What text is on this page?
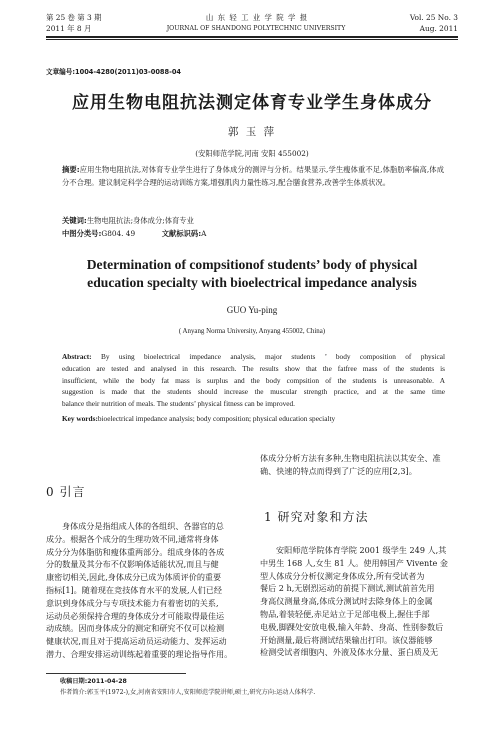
第 25 卷 第 3 期
2011 年 8 月
山 东 轻 工 业 学 院 学 报
JOURNAL OF SHANDONG POLYTECHNIC UNIVERSITY
Vol. 25 No. 3
Aug. 2011
文章编号:1004-4280(2011)03-0088-04
应用生物电阻抗法测定体育专业学生身体成分
郭 玉 萍
(安阳师范学院,河南 安阳 455002)
摘要:应用生物电阻抗法,对体育专业学生进行了身体成分的测评与分析。结果显示,学生瘦体重不足,体脂肪率偏高,体成分不合理。建议制定科学合理的运动训练方案,增强肌肉力量性练习,配合膳食营养,改善学生体质状况。
关键词:生物电阻抗法;身体成分;体育专业
中图分类号:G804. 49	文献标识码:A
Determination of compsitionof students’ body of physical
education specialty with bioelectrical impedance analysis
GUO Yu-ping
( Anyang Norma University, Anyang 455002, China)
Abstract: By using bioelectrical impedance analysis, major students ’ body composition of physical
education are tested and analysed in this research. The results show that the fatfree mass of the students is
insufficient, while the body fat mass is surplus and the body compsition of the students is unreasonable. A
suggestion is made that the students should increase the muscular strength practice, and at the same time
balance their nutrition of meals. The students’ physical fitness can be improved.
Key words:bioelectrical impedance analysis; body composition; physical education specialty
0 引言
身体成分是指组成人体的各组织、各器官的总
成分。根据各个成分的生理功效不同,通常将身体
成分分为体脂肪和瘦体重两部分。组成身体的各成
分的数量及其分布不仅影响体适能状况,而且与健
康密切相关,因此,身体成分已成为体质评价的重要
指标[1]。随着现在竞技体育水平的发展,人们已经
意识到身体成分与专项技术能力有着密切的关系,
运动员必须保持合理的身体成分才可能取得最佳运
动成绩。因而身体成分的测定和研究不仅可以检测
健康状况,而且对于提高运动员运动能力、发挥运动
潜力、合理安排运动训练起着重要的理论指导作用。
体成分分析方法有多种,生物电阻抗法以其安全、准
确、快速的特点而得到了广泛的应用[2,3]。
1 研究对象和方法
安阳师范学院体育学院 2001 级学生 249 人,其
中男生 168 人,女生 81 人。使用韩国产 Vivente 金
型人体成分分析仪测定身体成分,所有受试者为
餐后 2 h,无剧烈运动的前提下测试,测试前首先用
身高仪测量身高,体成分测试时去除身体上的金属
物品,着装轻便,赤足站立于足部电极上,握住手部
电极,脚踝处安放电极,输入年龄、身高、性别参数后
开始测量,最后将测试结果输出打印。该仪器能够
检测受试者细胞内、外液及体水分量、蛋白质及无
收稿日期:2011-04-28
作者简介:郭玉平(1972-),女,河南省安阳市人,安阳师范学院讲师,硕士,研究方向:运动人体科学.
